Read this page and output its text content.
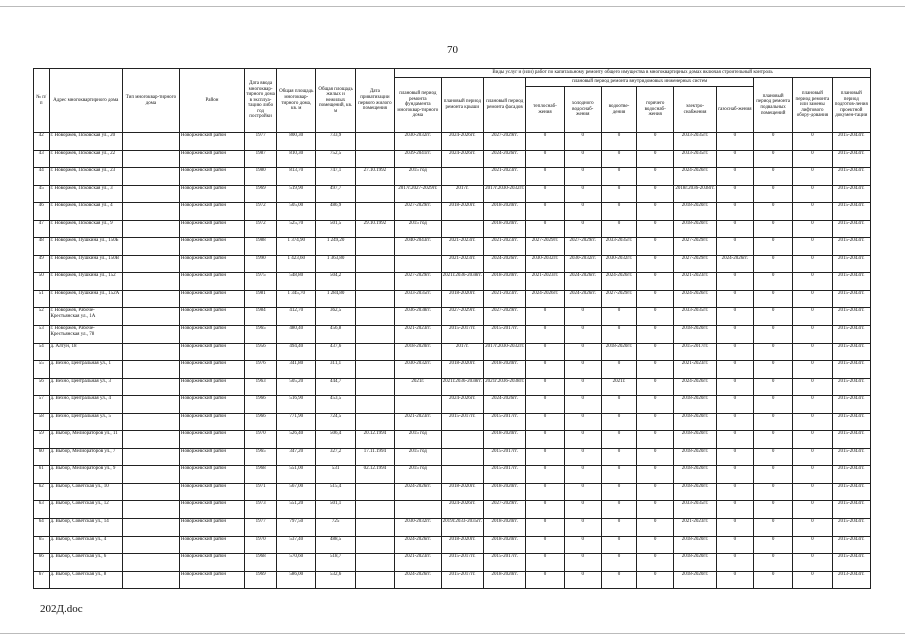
70
№ п/п	Адрес многоквартирного дома	Тип многоквар-тирного дома	Район	Дата ввода многоквар-тирного дома в эксплуа-тацию либо год постройки	Общая площадь многоквар-тирного дома, кв. м	Общая площадь жилых и нежилых помещений, кв. м	Дата приватизации первого жилого помещения	Виды услуг и (или) работ по капитальному ремонту общего имущества в многоквартирных домах включая строительный контроль											
								плановый период ремонта фундамента многоквар-тирного дома	плановый период ремонта крыши	плановый период ремонта фасадов	плановый период ремонта внутридомовых инженерных систем						плановый период ремонта подвальных помещений	плановый период ремонта или замены лифтового обору-дования	плановый период подготов-ления проектной докумен-тации
											теплоснаб-жения	холодного водоснаб-жения	водоотве-дения	горячего водоснаб-жения	электро-снабжения	газоснаб-жения			
42	г. Новоржев, Псковская ул., 20		Новоржевский район	1977	800,30	733,9		2030-2032гг.	2024-2026гг.	2027-2029гг.	0	0	0	0	2033-2035гг.	0	0	0	2015-2043гг.
43	г. Новоржев, Псковская ул., 22		Новоржевский район	1987	810,30	752,5		2039-2041гг.	2024-2026гг.	2024-2026гг.	0	0	0	0	2033-2035гг.	0	0	0	2015-2043гг.
44	г. Новоржев, Псковская ул., 23		Новоржевский район	1980	813,70	747,1	27.10.1992	2015 год		2021-2023гг.	0	0	0	0	2024-2026гг.	0	0	0	2015-2043гг.
45	г. Новоржев, Псковская ул., 3		Новоржевский район	1969	519,90	497,7		2017г.2027-2029гг.	2017г.	2017г.2030-2032гг.	0	0	0	0	2018г.2036-2038гг.	0	0	0	2015-2043гг.
46	г. Новоржев, Псковская ул., 4		Новоржевский район	1972	505,00	486,9		2027-2029гг.	2018-2020гг.	2018-2020гг.	0	0	0	0	2018-2020гг.	0	0	0	2015-2043гг.
47	г. Новоржев, Псковская ул., 9		Новоржевский район	1972	525,70	501,5	29.10.1992	2015 год		2018-2020гг.	0	0	0	0	2018-2020гг.	0	0	0	2015-2043гг.
48	г. Новоржев, Пушкина ул., 150Б		Новоржевский район	1988	1 374,90	1 249,20		2040-2043гг.	2021-2023гг.	2021-2023гг.	2027-2029гг.	2027-2029гг.	2033-2035гг.	0	2027-2029гг.	0	0	0	2015-2043гг.
49	г. Новоржев, Пушкина ул., 150В		Новоржевский район	1990	1 423,60	1 363,80			2021-2023гг.	2024-2026гг.	2030-2032гг.	2030-2032гг.	2030-2032гг.	0	2027-2029гг.	2024-2026гг.	0	0	2015-2043гг.
50	г. Новоржев, Пушкина ул., 152		Новоржевский район	1975	548,80	504,2		2027-2029гг.	2021г.2036-2038гг.	2018-2020гг.	2021-2023гг.	2024-2026гг.	2024-2026гг.	0	2021-2023гг.	0	0	0	2015-2043гг.
51	г. Новоржев, Пушкина ул., 152А		Новоржевский район	1981	1 345,70	1 284,80		2033-2035гг.	2018-2020гг.	2021-2023гг.	2024-2026гг.	2024-2026гг.	2027-2029гг.	0	2024-2026гг.	0	0	0	2015-2043гг.
52	г. Новоржев, Рабоче-Крестьянская ул., 1А		Новоржевский район	1984	412,70	362,5		2036-2038гг.	2027-2029гг.	2027-2029гг.	0	0	0	0	2033-2035гг.	0	0	0	2015-2043гг.
53	г. Новоржев, Рабоче-Крестьянская ул., 78		Новоржевский район	1965	480,40	456,8		2021-2023гг.	2015-2017гг.	2015-2017гг.	0	0	0	0	2018-2020гг.	0	0	0	2015-2043гг.
54	д. Алтун, 18		Новоржевский район	1956	494,40	437,6		2018-2020гг.	2017г.	2017г.2030-2032гг.	0	0	2018-2020гг.	0	2015-2017гг.	0	0	0	2015-2043гг.
55	д. Вехно, Центральная ул., 1		Новоржевский район	1976	341,80	311,1		2030-2032гг.	2018-2020гг.	2018-2020гг.	0	0	0	0	2021-2023гг.	0	0	0	2015-2043гг.
56	д. Вехно, Центральная ул., 3		Новоржевский район	1963	505,20	444,7		2021г.	2021г.2036-2038гг.	2021г.2036-2038гг.	0	0	2021г.	0	2024-2026гг.	0	0	0	2015-2043гг.
57	д. Вехно, Центральная ул., 4		Новоржевский район	1966	516,90	453,5			2024-2026гг.	2024-2026гг.	0	0	0	0	2018-2020гг.	0	0	0	2015-2043гг.
58	д. Вехно, Центральная ул., 5		Новоржевский район	1966	771,90	724,5		2021-2023гг.	2015-2017гг.	2015-2017гг.	0	0	0	0	2018-2020гг.	0	0	0	2015-2043гг.
59	д. Выбор, Мелиораторов ул., 11		Новоржевский район	1970	526,40	506,4	20.12.1994	2015 год		2018-2020гг.	0	0	0	0	2018-2020гг.	0	0	0	2015-2043гг.
60	д. Выбор, Мелиораторов ул., 7		Новоржевский район	1965	347,20	327,2	17.11.1994	2015 год		2015-2017гг.	0	0	0	0	2018-2020гг.	0	0	0	2015-2043гг.
61	д. Выбор, Мелиораторов ул., 9		Новоржевский район	1968	551,00	531	02.12.1994	2015 год		2015-2017гг.	0	0	0	0	2018-2020гг.	0	0	0	2015-2043гг.
62	д. Выбор, Советская ул., 10		Новоржевский район	1971	567,00	515,4		2024-2026гг.	2018-2020гг.	2018-2020гг.	0	0	0	0	2018-2020гг.	0	0	0	2015-2043гг.
63	д. Выбор, Советская ул., 12		Новоржевский район	1973	551,20	501,1			2024-2026гг.	2027-2029гг.	0	0	0	0	2033-2035гг.	0	0	0	2015-2043гг.
64	д. Выбор, Советская ул., 14		Новоржевский район	1977	797,50	725		2030-2032гг.	2019г.2033-2035гг.	2018-2020гг.	0	0	0	0	2021-2023гг.	0	0	0	2015-2043гг.
65	д. Выбор, Советская ул., 4		Новоржевский район	1970	537,40	488,5		2024-2026гг.	2018-2020гг.	2018-2020гг.	0	0	0	0	2018-2020гг.	0	0	0	2015-2043гг.
66	д. Выбор, Советская ул., 6		Новоржевский район	1968	570,60	518,7		2021-2023гг.	2015-2017гг.	2015-2017гг.	0	0	0	0	2018-2020гг.	0	0	0	2015-2043гг.
67	д. Выбор, Советская ул., 8		Новоржевский район	1969	586,00	532,6		2024-2026гг.	2015-2017гг.	2018-2020гг.	0	0	0	0	2018-2020гг.	0	0	0	2013-2043гг.
202Д.doc
